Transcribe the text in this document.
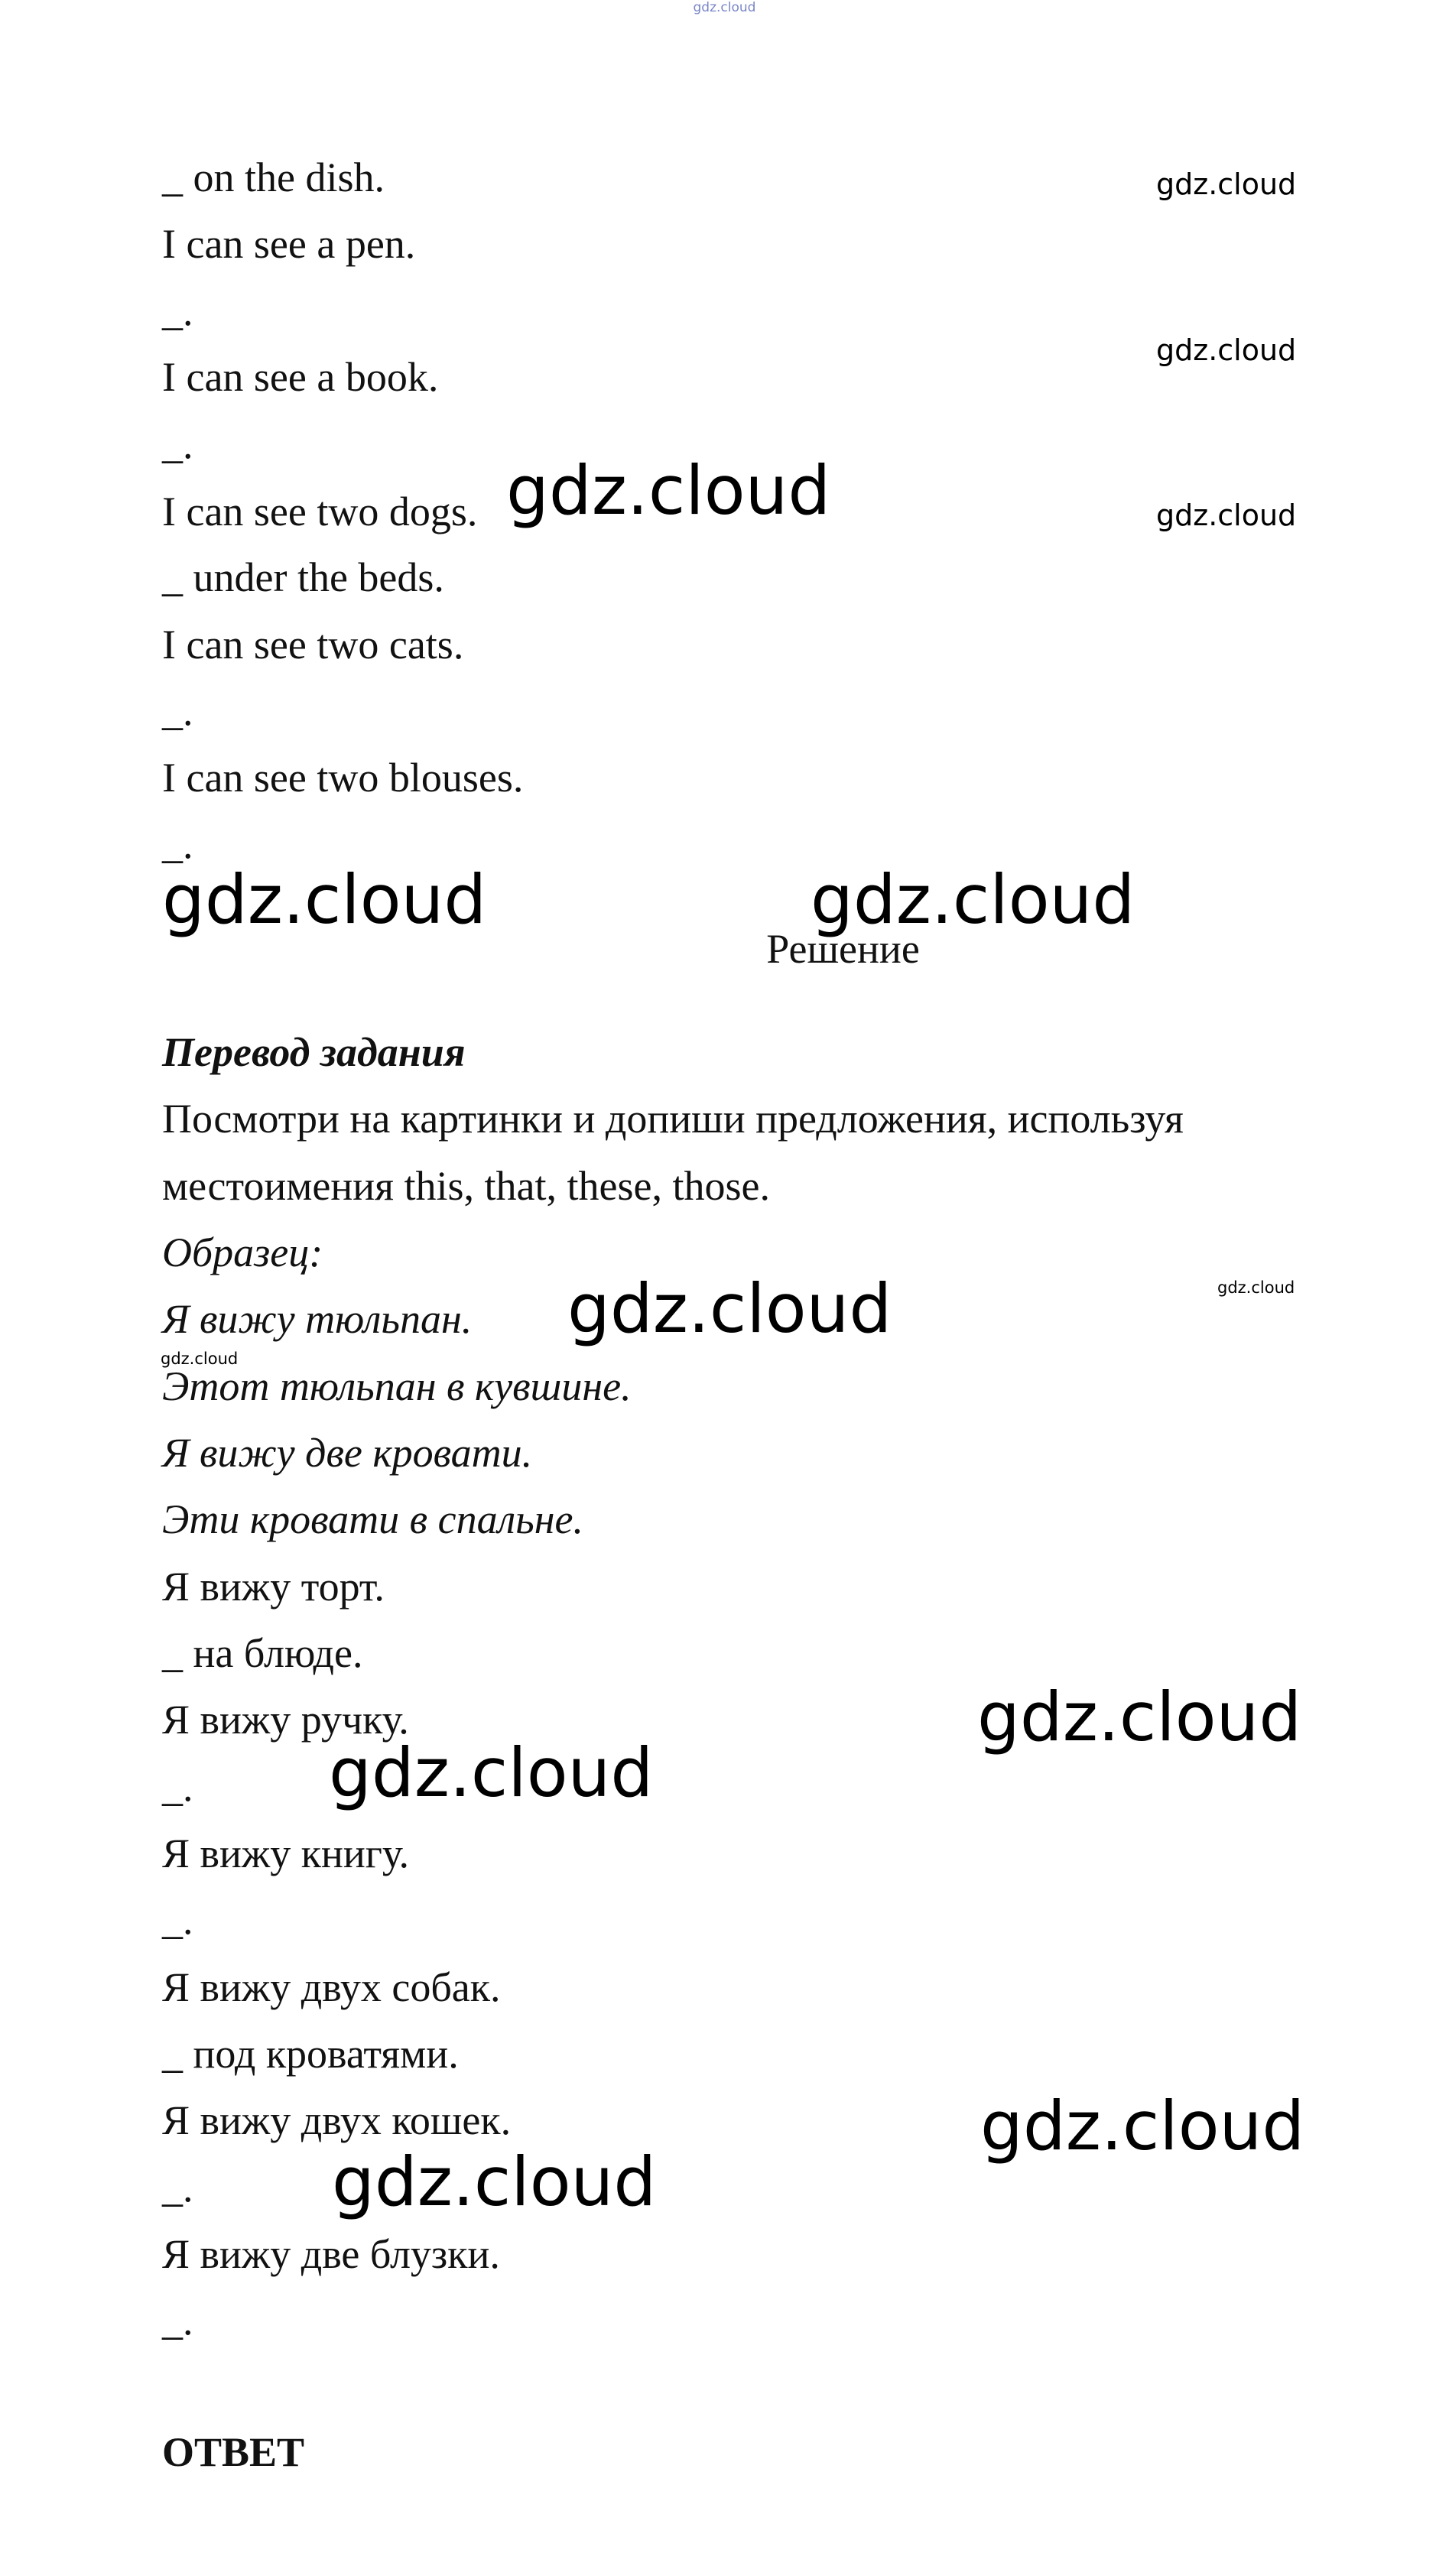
gdz.cloud
_ on the dish.
I can see a pen.
_.
I can see a book.
_.
I can see two dogs.
_ under the beds.
I can see two cats.
_.
I can see two blouses.
_.
Решение
Перевод задания
Посмотри на картинки и допиши предложения, используя
местоимения this, that, these, those.
Образец:
Я вижу тюльпан.
Этот тюльпан в кувшине.
Я вижу две кровати.
Эти кровати в спальне.
Я вижу торт.
_ на блюде.
Я вижу ручку.
_.
Я вижу книгу.
_.
Я вижу двух собак.
_ под кроватями.
Я вижу двух кошек.
_.
Я вижу две блузки.
_.
ОТВЕТ
gdz.cloud
gdz.cloud
gdz.cloud	gdz.cloud
gdz.cloud	gdz.cloud
gdz.cloud
gdz.cloud
gdz.cloud
gdz.cloud
gdz.cloud
gdz.cloud
gdz.cloud
